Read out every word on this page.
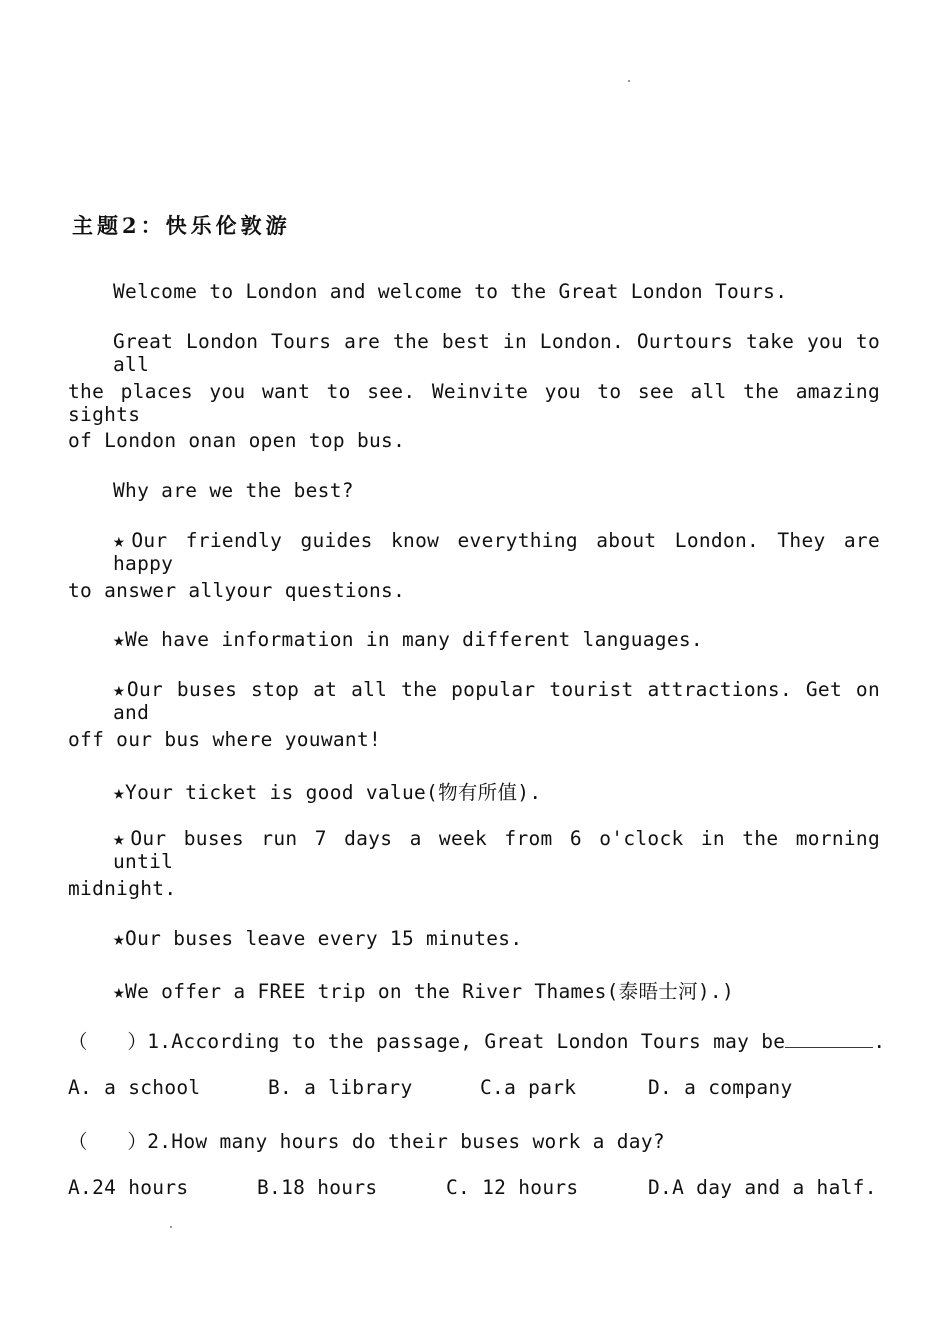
主题2：快乐伦敦游
Welcome to London and welcome to the Great London Tours.
Great London Tours are the best in London. Ourtours take you to all
the places you want to see. Weinvite you to see all the amazing sights
of London onan open top bus.
Why are we the best?
★Our friendly guides know everything about London. They are happy
to answer allyour questions.
★We have information in many different languages.
★Our buses stop at all the popular tourist attractions. Get on and
off our bus where youwant!
★Your ticket is good value(物有所值).
★Our buses run 7 days a week from 6 o'clock in the morning until
midnight.
★Our buses leave every 15 minutes.
★We offer a FREE trip on the River Thames(泰晤士河).)
（　　）1.According to the passage, Great London Tours may be	.
A. a school	B. a library	C.a park	D. a company
（　　）2.How many hours do their buses work a day?
A.24 hours	B.18 hours	C. 12 hours	D.A day and a half.
